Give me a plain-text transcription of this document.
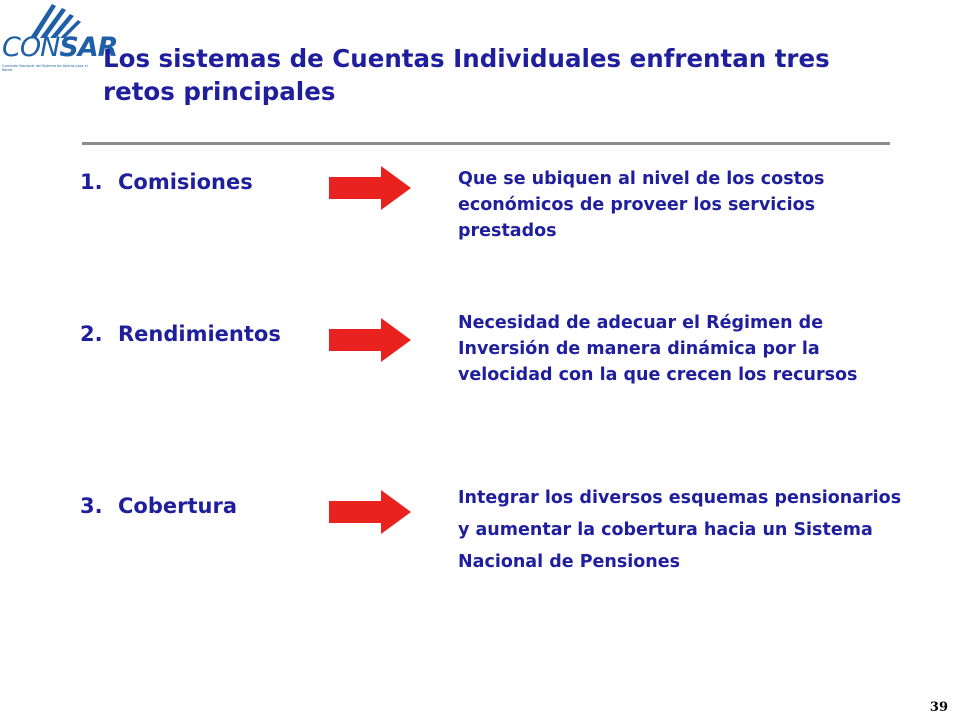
CONSAR
Comisión Nacional del Sistema de Ahorro para el Retiro	Los sistemas de Cuentas Individuales enfrentan tres retos principales
1. Comisiones	Que se ubiquen al nivel de los costos económicos de proveer los servicios prestados
2. Rendimientos	Necesidad de adecuar el Régimen de Inversión de manera dinámica por la velocidad con la que crecen los recursos
3. Cobertura	Integrar los diversos esquemas pensionarios y aumentar la cobertura hacia un Sistema Nacional de Pensiones
39
